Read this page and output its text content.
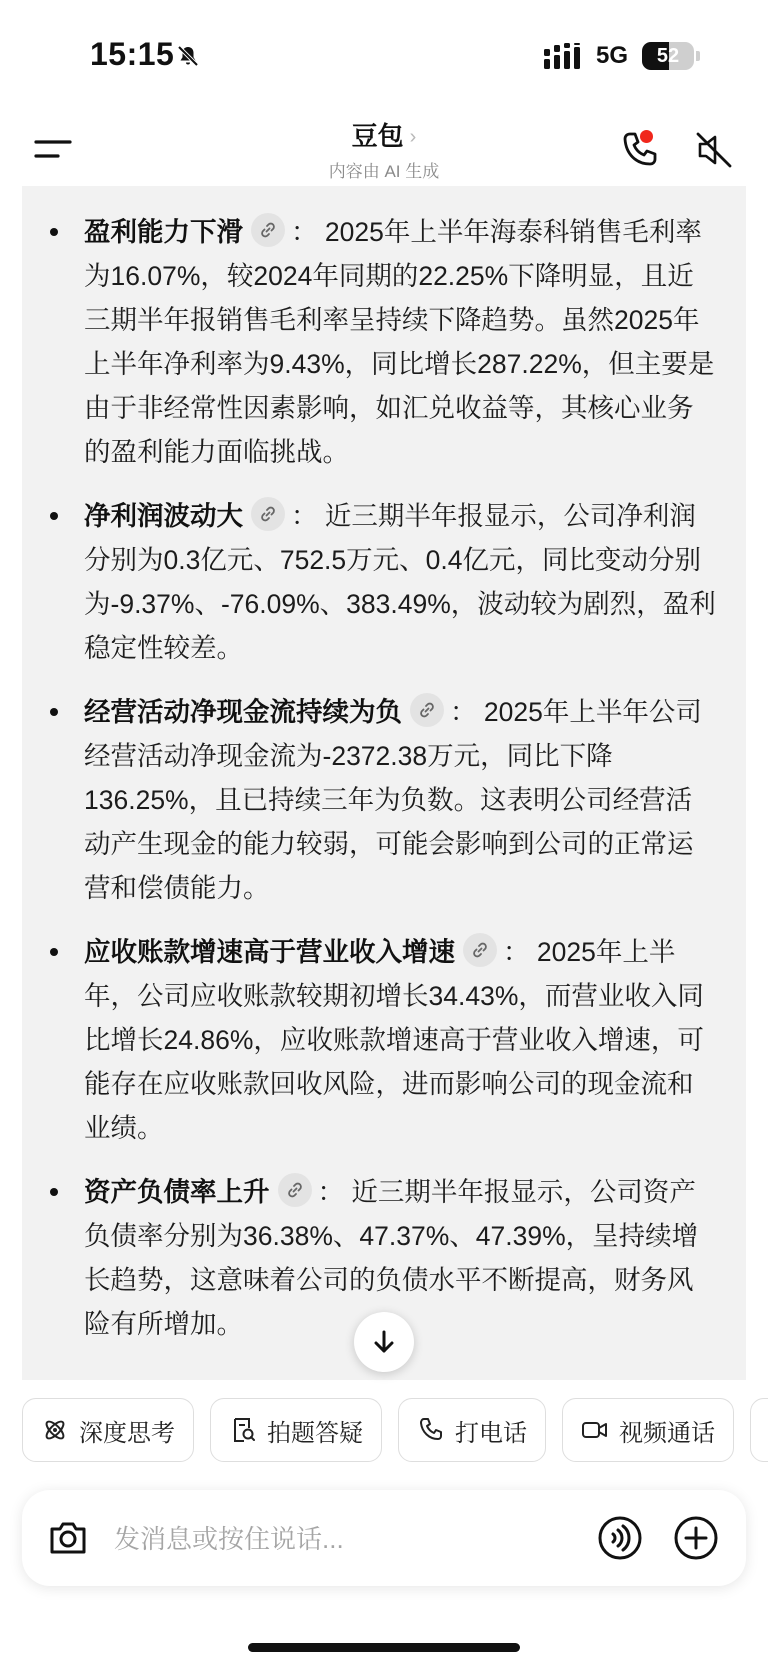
15:15	5G	52
豆包 ›
内容由 AI 生成
盈利能力下滑 ： 2025年上半年海泰科销售毛利率为16.07%，较2024年同期的22.25%下降明显，且近三期半年报销售毛利率呈持续下降趋势。虽然2025年上半年净利率为9.43%，同比增长287.22%，但主要是由于非经常性因素影响，如汇兑收益等，其核心业务的盈利能力面临挑战。
净利润波动大 ： 近三期半年报显示，公司净利润分别为0.3亿元、752.5万元、0.4亿元，同比变动分别为-9.37%、-76.09%、383.49%，波动较为剧烈，盈利稳定性较差。
经营活动净现金流持续为负 ： 2025年上半年公司经营活动净现金流为-2372.38万元，同比下降136.25%，且已持续三年为负数。这表明公司经营活动产生现金的能力较弱，可能会影响到公司的正常运营和偿债能力。
应收账款增速高于营业收入增速 ： 2025年上半年，公司应收账款较期初增长34.43%，而营业收入同比增长24.86%，应收账款增速高于营业收入增速，可能存在应收账款回收风险，进而影响公司的现金流和业绩。
资产负债率上升 ： 近三期半年报显示，公司资产负债率分别为36.38%、47.37%、47.39%，呈持续增长趋势，这意味着公司的负债水平不断提高，财务风险有所增加。
深度思考	拍题答疑	打电话	视频通话
发消息或按住说话...
